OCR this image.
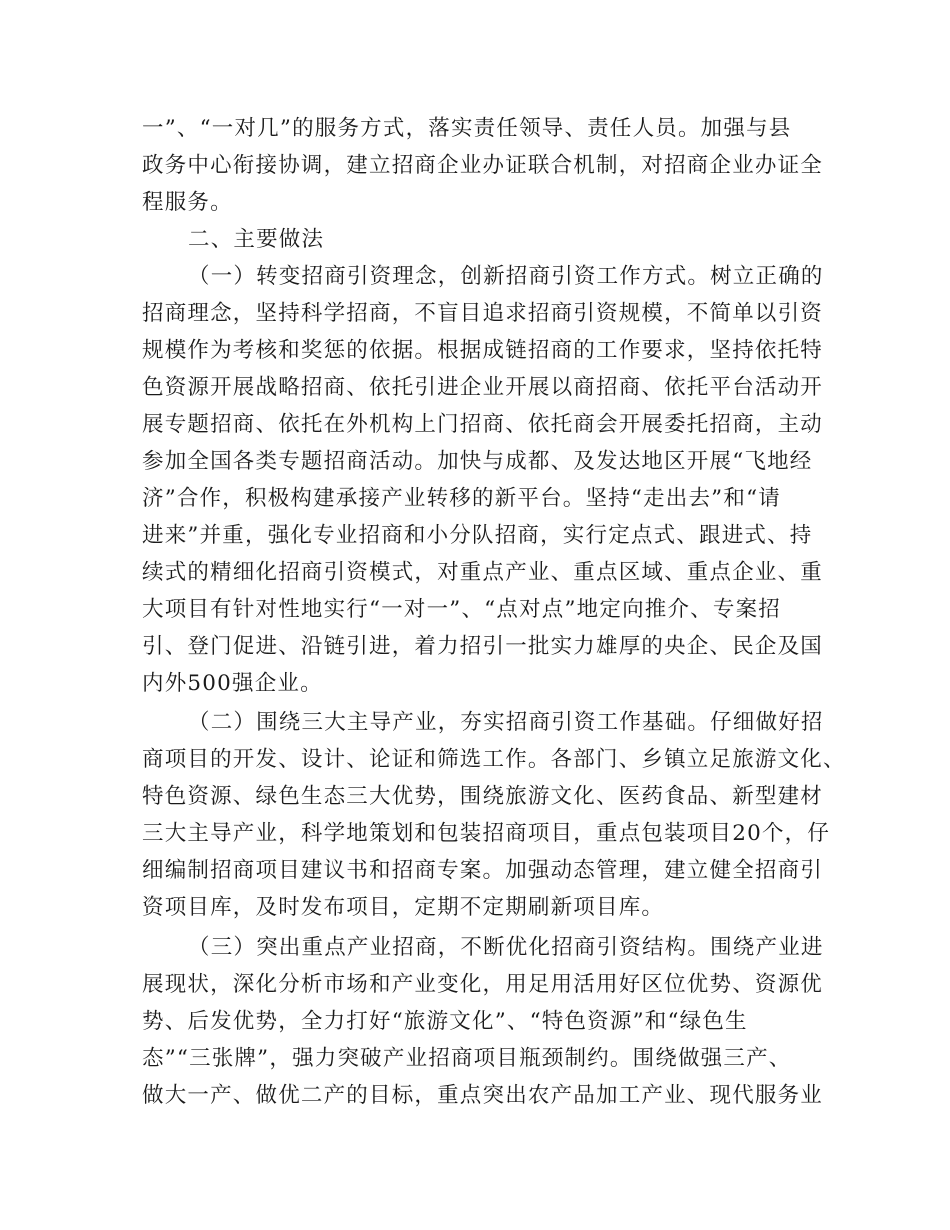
一”、“一对几”的服务方式，落实责任领导、责任人员。加强与县
政务中心衔接协调，建立招商企业办证联合机制，对招商企业办证全
程服务。
二、主要做法
（一）转变招商引资理念，创新招商引资工作方式。树立正确的
招商理念，坚持科学招商，不盲目追求招商引资规模，不简单以引资
规模作为考核和奖惩的依据。根据成链招商的工作要求，坚持依托特
色资源开展战略招商、依托引进企业开展以商招商、依托平台活动开
展专题招商、依托在外机构上门招商、依托商会开展委托招商，主动
参加全国各类专题招商活动。加快与成都、及发达地区开展“飞地经
济”合作，积极构建承接产业转移的新平台。坚持“走出去”和“请
进来”并重，强化专业招商和小分队招商，实行定点式、跟进式、持
续式的精细化招商引资模式，对重点产业、重点区域、重点企业、重
大项目有针对性地实行“一对一”、“点对点”地定向推介、专案招
引、登门促进、沿链引进，着力招引一批实力雄厚的央企、民企及国
内外500强企业。
（二）围绕三大主导产业，夯实招商引资工作基础。仔细做好招
商项目的开发、设计、论证和筛选工作。各部门、乡镇立足旅游文化、
特色资源、绿色生态三大优势，围绕旅游文化、医药食品、新型建材
三大主导产业，科学地策划和包装招商项目，重点包装项目20个，仔
细编制招商项目建议书和招商专案。加强动态管理，建立健全招商引
资项目库，及时发布项目，定期不定期刷新项目库。
（三）突出重点产业招商，不断优化招商引资结构。围绕产业进
展现状，深化分析市场和产业变化，用足用活用好区位优势、资源优
势、后发优势，全力打好“旅游文化”、“特色资源”和“绿色生
态”“三张牌”，强力突破产业招商项目瓶颈制约。围绕做强三产、
做大一产、做优二产的目标，重点突出农产品加工产业、现代服务业
